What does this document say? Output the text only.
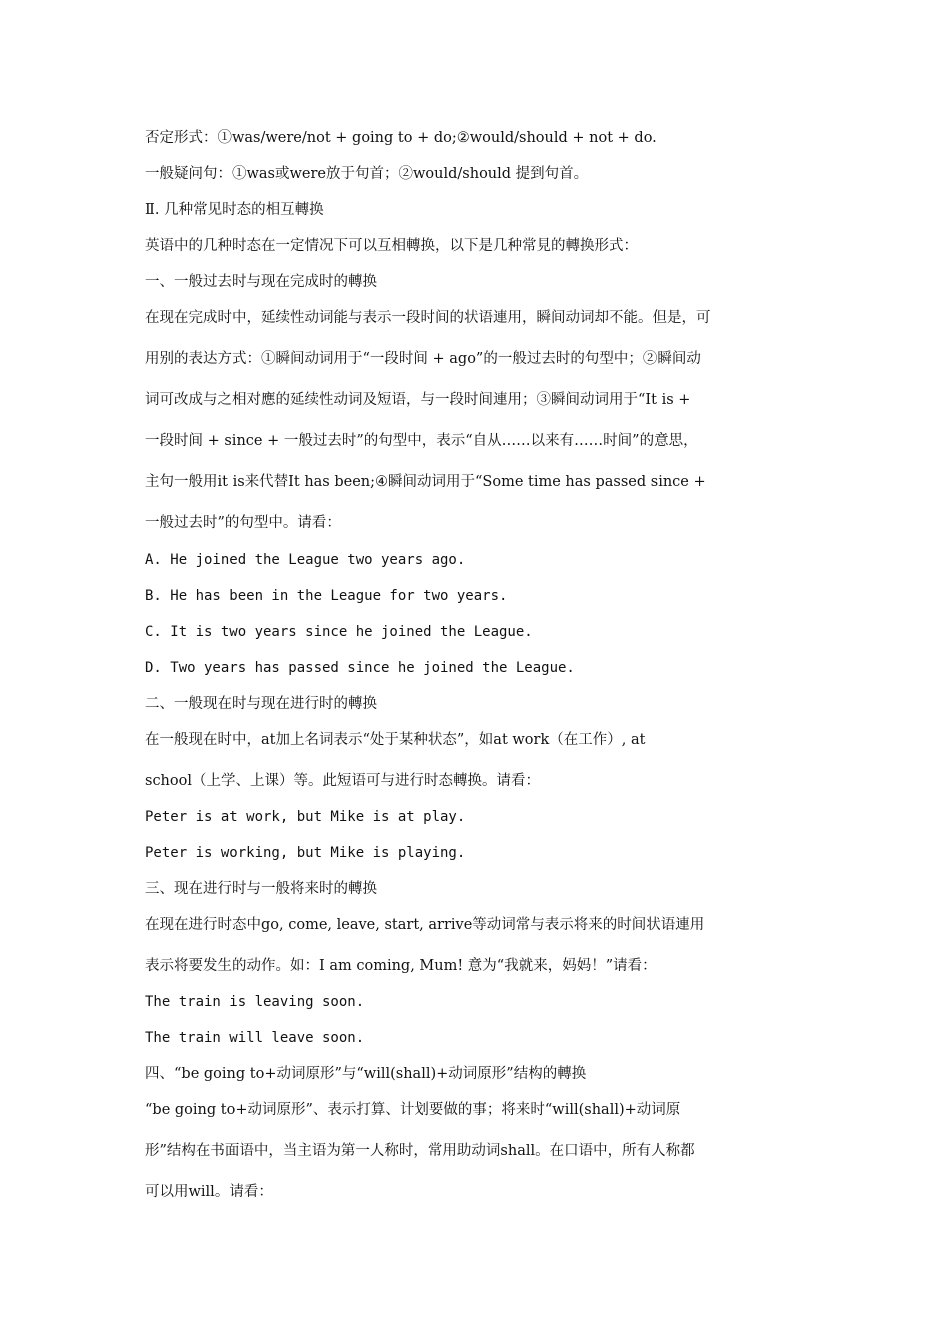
否定形式：①was/were/not + going to + do;②would/should + not + do.
一般疑问句：①was或were放于句首；②would/should 提到句首。
Ⅱ. 几种常见时态的相互轉换
英语中的几种时态在一定情况下可以互相轉换，以下是几种常見的轉换形式：
一、一般过去时与现在完成时的轉换
在现在完成时中，延续性动词能与表示一段时间的状语連用，瞬间动词却不能。但是，可
用别的表达方式：①瞬间动词用于“一段时间 + ago”的一般过去时的句型中；②瞬间动
词可改成与之相对應的延续性动词及短语，与一段时间連用；③瞬间动词用于“It is +
一段时间 + since + 一般过去时”的句型中，表示“自从……以来有……时间”的意思，
主句一般用it is来代替It has been;④瞬间动词用于“Some time has passed since +
一般过去时”的句型中。请看：
A. He joined the League two years ago.
B. He has been in the League for two years.
C. It is two years since he joined the League.
D. Two years has passed since he joined the League.
二、一般现在时与现在进行时的轉换
在一般现在时中，at加上名词表示“处于某种状态”，如at work（在工作）, at
school（上学、上课）等。此短语可与进行时态轉换。请看：
Peter is at work, but Mike is at play.
Peter is working, but Mike is playing.
三、现在进行时与一般将来时的轉换
在现在进行时态中go, come, leave, start, arrive等动词常与表示将来的时间状语連用
表示将要发生的动作。如：I am coming, Mum! 意为“我就来，妈妈！”请看：
The train is leaving soon.
The train will leave soon.
四、“be going to+动词原形”与“will(shall)+动词原形”结构的轉换
“be going to+动词原形”、表示打算、计划要做的事；将来时“will(shall)+动词原
形”结构在书面语中，当主语为第一人称时，常用助动词shall。在口语中，所有人称都
可以用will。请看：
